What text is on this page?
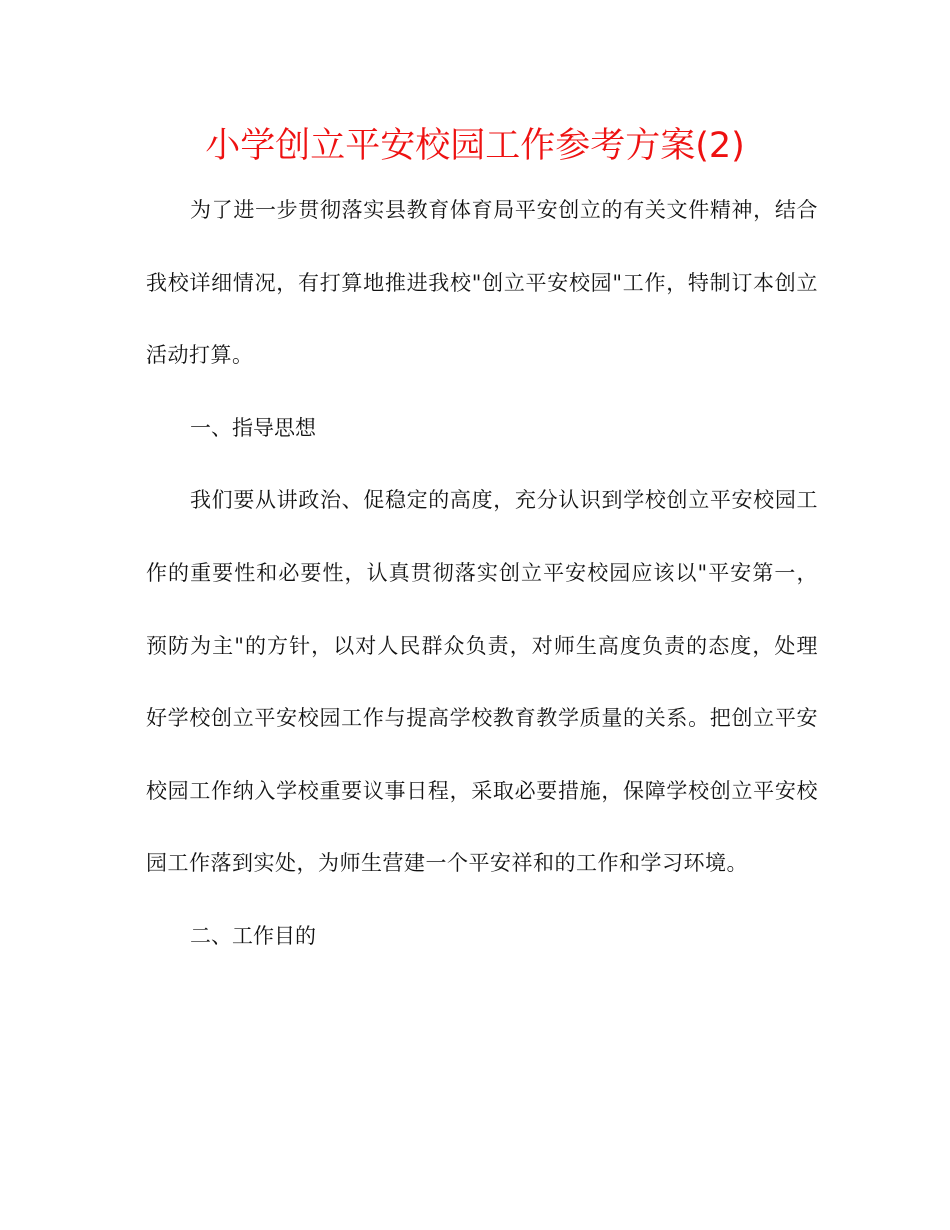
小学创立平安校园工作参考方案(2)

为了进一步贯彻落实县教育体育局平安创立的有关文件精神，结合我校详细情况，有打算地推进我校"创立平安校园"工作，特制订本创立活动打算。

一、指导思想

我们要从讲政治、促稳定的高度，充分认识到学校创立平安校园工作的重要性和必要性，认真贯彻落实创立平安校园应该以"平安第一，预防为主"的方针，以对人民群众负责，对师生高度负责的态度，处理好学校创立平安校园工作与提高学校教育教学质量的关系。把创立平安校园工作纳入学校重要议事日程，采取必要措施，保障学校创立平安校园工作落到实处，为师生营建一个平安祥和的工作和学习环境。

二、工作目的
